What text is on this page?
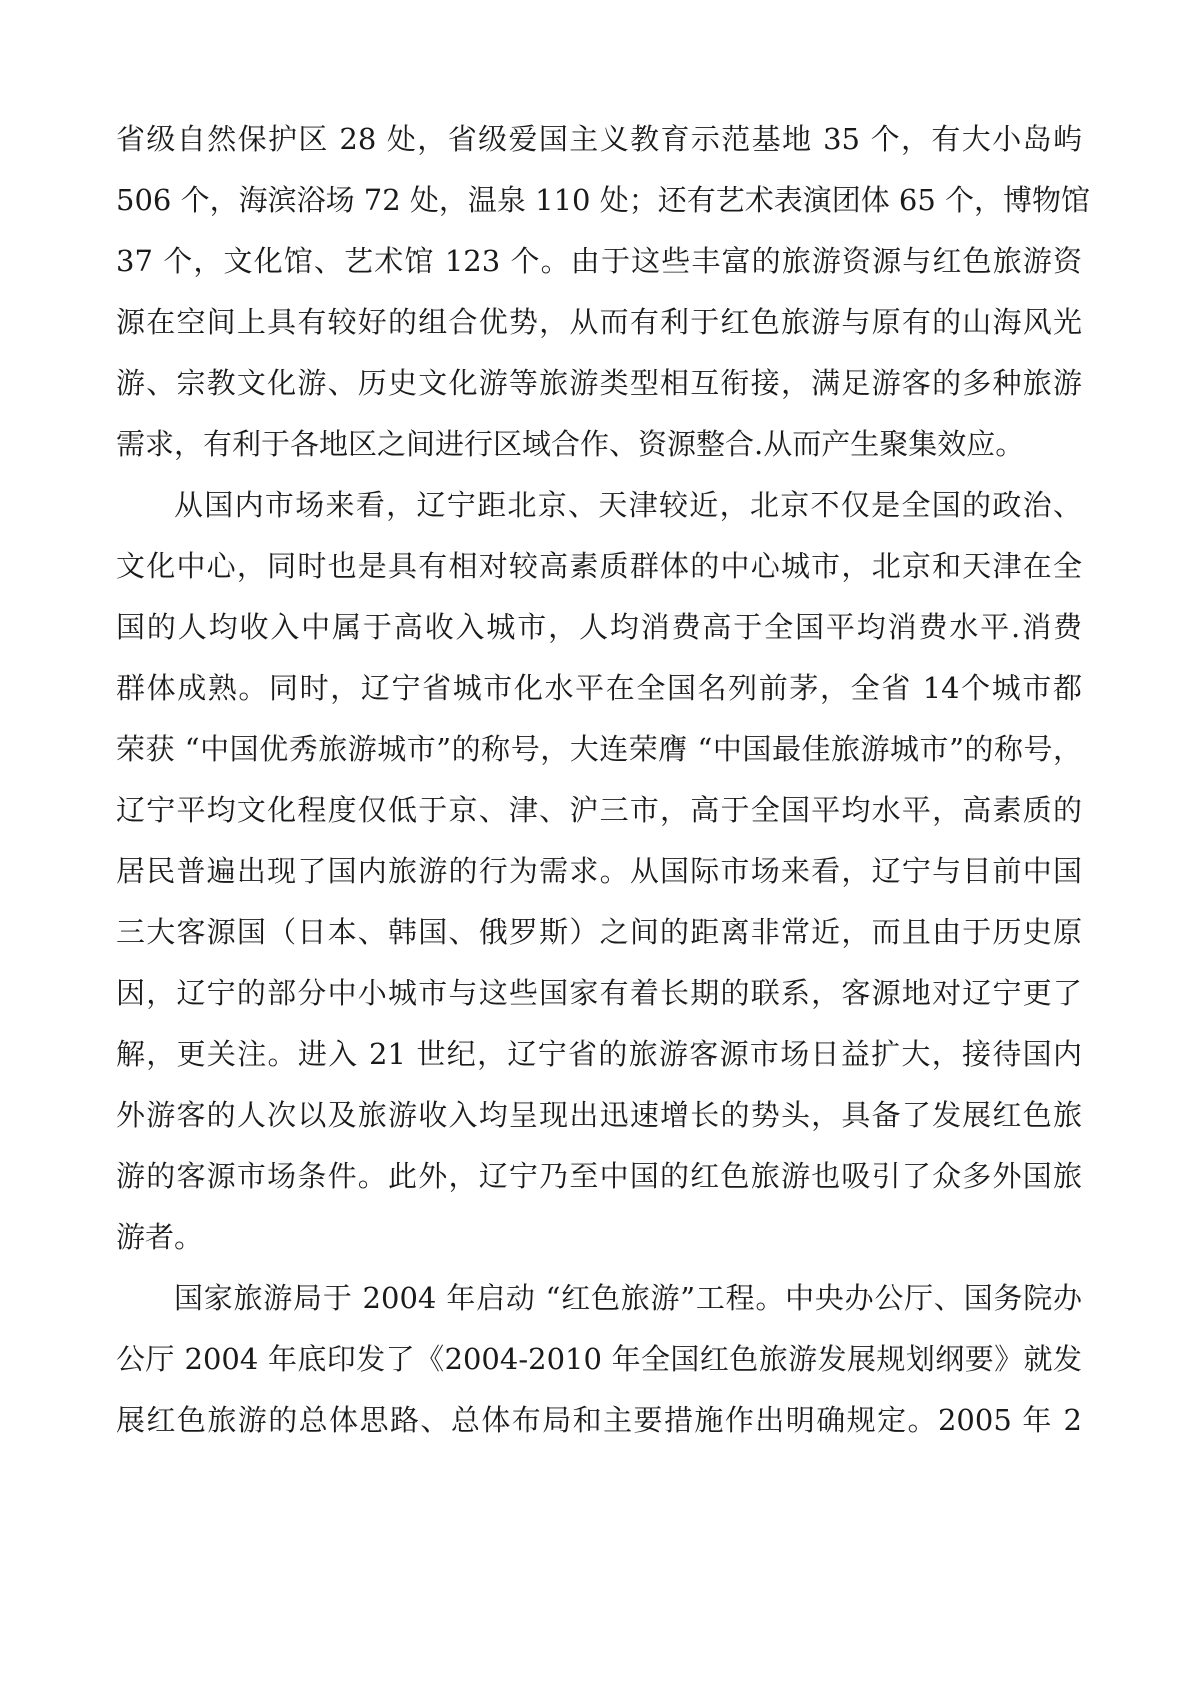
省级自然保护区 28 处，省级爱国主义教育示范基地 35 个，有大小岛屿
506 个，海滨浴场 72 处，温泉 110 处；还有艺术表演团体 65 个，博物馆
37 个，文化馆、艺术馆 123 个。由于这些丰富的旅游资源与红色旅游资
源在空间上具有较好的组合优势，从而有利于红色旅游与原有的山海风光
游、宗教文化游、历史文化游等旅游类型相互衔接，满足游客的多种旅游
需求，有利于各地区之间进行区域合作、资源整合.从而产生聚集效应。
从国内市场来看，辽宁距北京、天津较近，北京不仅是全国的政治、
文化中心，同时也是具有相对较高素质群体的中心城市，北京和天津在全
国的人均收入中属于高收入城市，人均消费高于全国平均消费水平.消费
群体成熟。同时，辽宁省城市化水平在全国名列前茅，全省 14个城市都
荣获 “中国优秀旅游城市”的称号，大连荣膺 “中国最佳旅游城市”的称号，
辽宁平均文化程度仅低于京、津、沪三市，高于全国平均水平，高素质的
居民普遍出现了国内旅游的行为需求。从国际市场来看，辽宁与目前中国
三大客源国（日本、韩国、俄罗斯）之间的距离非常近，而且由于历史原
因，辽宁的部分中小城市与这些国家有着长期的联系，客源地对辽宁更了
解，更关注。进入 21 世纪，辽宁省的旅游客源市场日益扩大，接待国内
外游客的人次以及旅游收入均呈现出迅速增长的势头，具备了发展红色旅
游的客源市场条件。此外，辽宁乃至中国的红色旅游也吸引了众多外国旅
游者。
国家旅游局于 2004 年启动 “红色旅游”工程。中央办公厅、国务院办
公厅 2004 年底印发了《2004-2010 年全国红色旅游发展规划纲要》就发
展红色旅游的总体思路、总体布局和主要措施作出明确规定。2005 年 2
